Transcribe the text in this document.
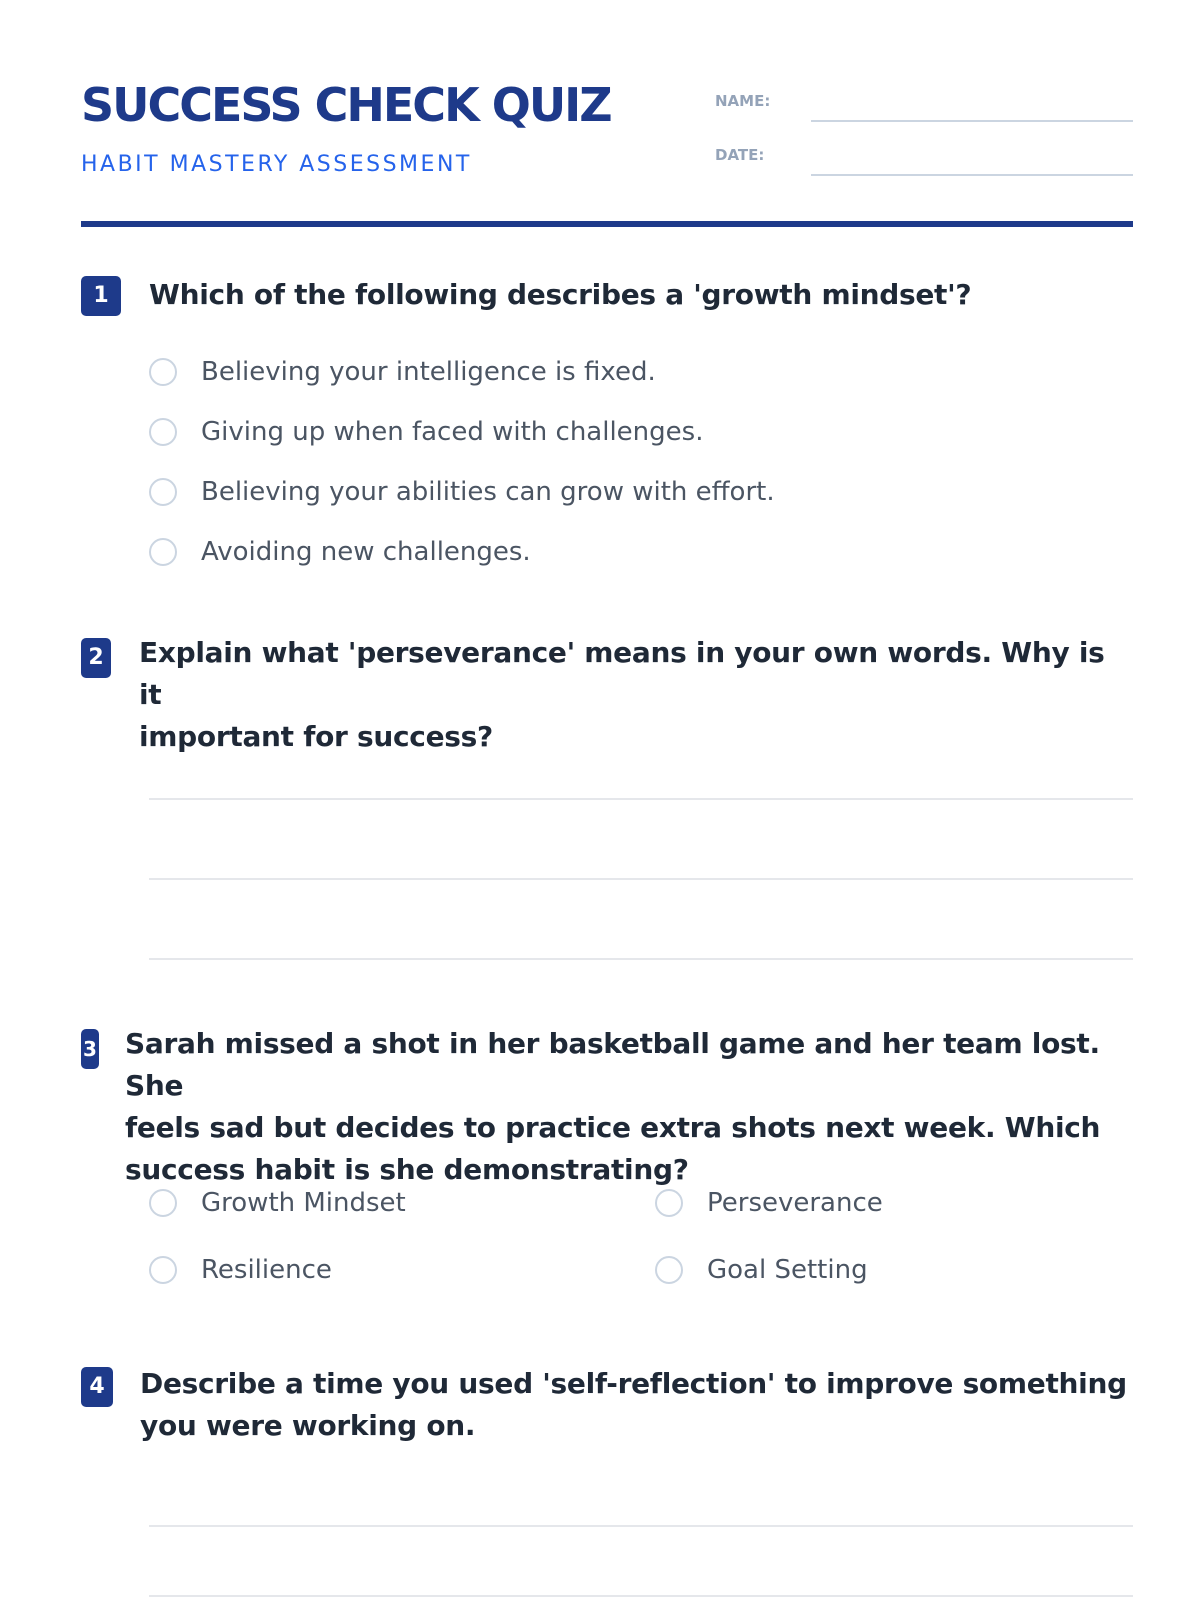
SUCCESS CHECK QUIZ
HABIT MASTERY ASSESSMENT
NAME:
DATE:
1	Which of the following describes a 'growth mindset'?
Believing your intelligence is fixed.
Giving up when faced with challenges.
Believing your abilities can grow with effort.
Avoiding new challenges.
2 Explain what 'perseverance' means in your own words. Why is it
important for success?
3 Sarah missed a shot in her basketball game and her team lost. She
feels sad but decides to practice extra shots next week. Which
success habit is she demonstrating?
Growth Mindset	Perseverance
Resilience	Goal Setting
4 Describe a time you used 'self-reflection' to improve something
you were working on.
